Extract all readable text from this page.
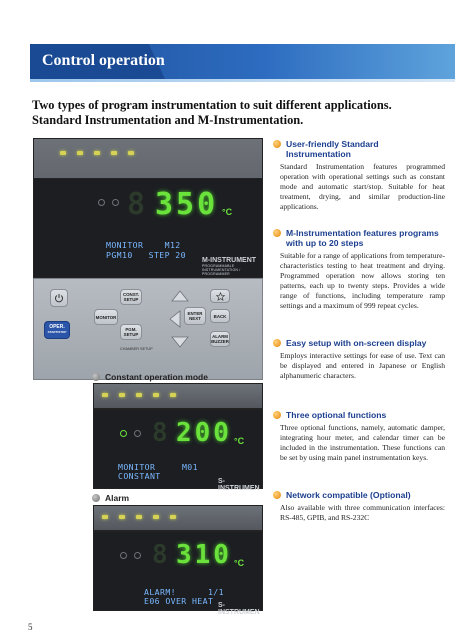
Control operation
Two types of program instrumentation to suit different applications.
Standard Instrumentation and M-Instrumentation.
8 350 °C
MONITOR    M12
PGM10   STEP 20
M-INSTRUMENT
PROGRAMMABLE INSTRUMENTATION / PROGRAMMER
OPER.
START/STOP
MONITOR
CONST. SETUP
PGM. SETUP
ENTER NEXT	BACK
ALARM BUZZER
CHAMBER SETUP
Constant operation mode
8 200 °C
MONITOR     M01
CONSTANT
S-INSTRUMEN
Alarm
8 310 °C
ALARM!      1/1
E06 OVER HEAT S-INSTRUMEN
User-friendly Standard Instrumentation
Standard Instrumentation features programmed operation with operational settings such as constant mode and automatic start/stop. Suitable for heat treatment, drying, and similar production-line applications.
M-Instrumentation features programs with up to 20 steps
Suitable for a range of applications from temperature-characteristics testing to heat treatment and drying. Programmed operation now allows storing ten patterns, each up to twenty steps. Provides a wide range of functions, including temperature ramp settings and a maximum of 999 repeat cycles.
Easy setup with on-screen display
Employs interactive settings for ease of use. Text can be displayed and entered in Japanese or English alphanumeric characters.
Three optional functions
Three optional functions, namely, automatic damper, integrating hour meter, and calendar timer can be included in the instrumentation. These functions can be set by using main panel instrumentation keys.
Network compatible (Optional)
Also available with three communication interfaces: RS-485, GPIB, and RS-232C
5
